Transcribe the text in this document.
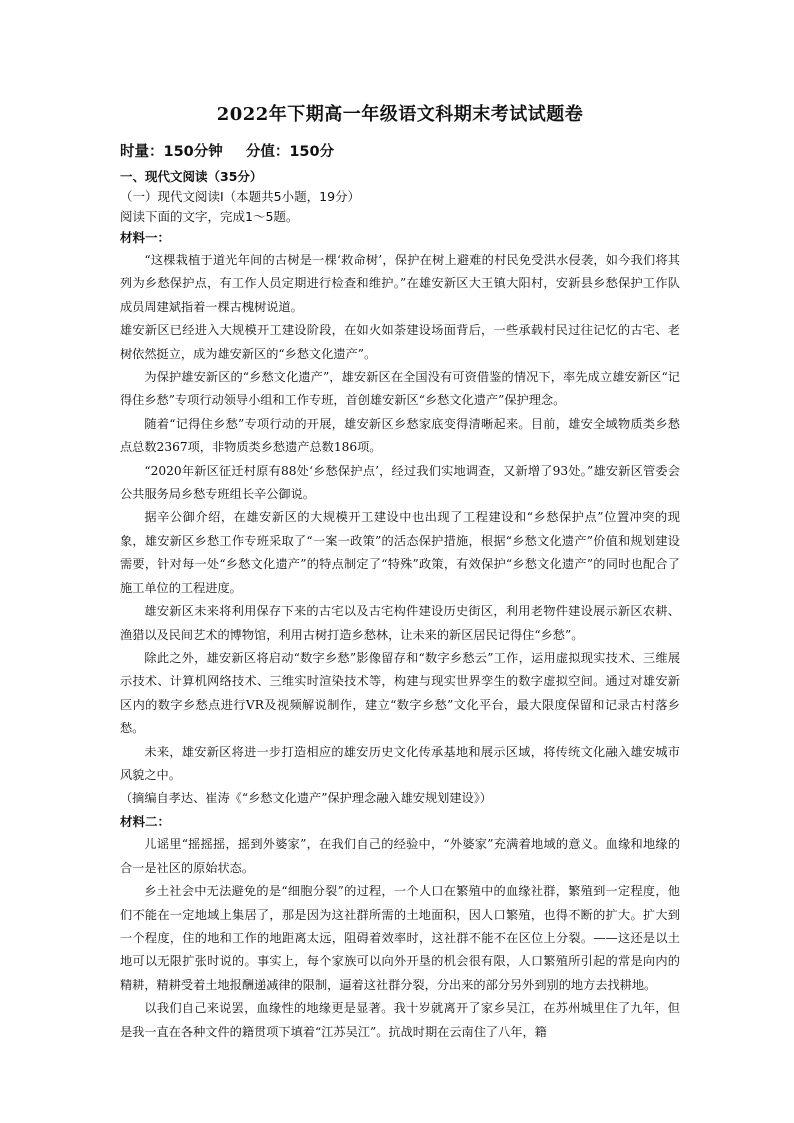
2022年下期高一年级语文科期末考试试题卷
时量：150分钟 分值：150分
一、现代文阅读（35分）
（一）现代文阅读Ⅰ（本题共5小题，19分）
阅读下面的文字，完成1～5题。
材料一：

“这棵栽植于道光年间的古树是一棵‘救命树’，保护在树上避难的村民免受洪水侵袭，如今我们将其列为乡愁保护点，有工作人员定期进行检查和维护。”在雄安新区大王镇大阳村，安新县乡愁保护工作队成员周建斌指着一棵古槐树说道。

雄安新区已经进入大规模开工建设阶段，在如火如荼建设场面背后，一些承载村民过往记忆的古宅、老树依然挺立，成为雄安新区的“乡愁文化遗产”。

为保护雄安新区的“乡愁文化遗产”，雄安新区在全国没有可资借鉴的情况下，率先成立雄安新区“记得住乡愁”专项行动领导小组和工作专班，首创雄安新区“乡愁文化遗产”保护理念。

随着“记得住乡愁”专项行动的开展，雄安新区乡愁家底变得清晰起来。目前，雄安全域物质类乡愁点总数2367项，非物质类乡愁遗产总数186项。

“2020年新区征迁村原有88处‘乡愁保护点’，经过我们实地调查，又新增了93处。”雄安新区管委会公共服务局乡愁专班组长辛公御说。

据辛公御介绍，在雄安新区的大规模开工建设中也出现了工程建设和“乡愁保护点”位置冲突的现象，雄安新区乡愁工作专班采取了“一案一政策”的活态保护措施，根据“乡愁文化遗产”价值和规划建设需要，针对每一处“乡愁文化遗产”的特点制定了“特殊”政策，有效保护“乡愁文化遗产”的同时也配合了施工单位的工程进度。

雄安新区未来将利用保存下来的古宅以及古宅构件建设历史街区，利用老物件建设展示新区农耕、渔猎以及民间艺术的博物馆，利用古树打造乡愁林，让未来的新区居民记得住“乡愁”。

除此之外，雄安新区将启动“数字乡愁”影像留存和“数字乡愁云”工作，运用虚拟现实技术、三维展示技术、计算机网络技术、三维实时渲染技术等，构建与现实世界孪生的数字虚拟空间。通过对雄安新区内的数字乡愁点进行VR及视频解说制作，建立“数字乡愁”文化平台，最大限度保留和记录古村落乡愁。

未来，雄安新区将进一步打造相应的雄安历史文化传承基地和展示区域，将传统文化融入雄安城市风貌之中。

（摘编自孝达、崔涛《“乡愁文化遗产”保护理念融入雄安规划建设》）
材料二：

儿谣里“摇摇摇，摇到外婆家”，在我们自己的经验中，“外婆家”充满着地域的意义。血缘和地缘的合一是社区的原始状态。

乡土社会中无法避免的是“细胞分裂”的过程，一个人口在繁殖中的血缘社群，繁殖到一定程度，他们不能在一定地域上集居了，那是因为这社群所需的土地面积，因人口繁殖，也得不断的扩大。扩大到一个程度，住的地和工作的地距离太远，阻碍着效率时，这社群不能不在区位上分裂。——这还是以土地可以无限扩张时说的。事实上，每个家族可以向外开垦的机会很有限，人口繁殖所引起的常是向内的精耕，精耕受着土地报酬递减律的限制，逼着这社群分裂，分出来的部分另外到别的地方去找耕地。

以我们自己来说罢，血缘性的地缘更是显著。我十岁就离开了家乡吴江，在苏州城里住了九年，但是我一直在各种文件的籍贯项下填着“江苏吴江”。抗战时期在云南住了八年，籍
